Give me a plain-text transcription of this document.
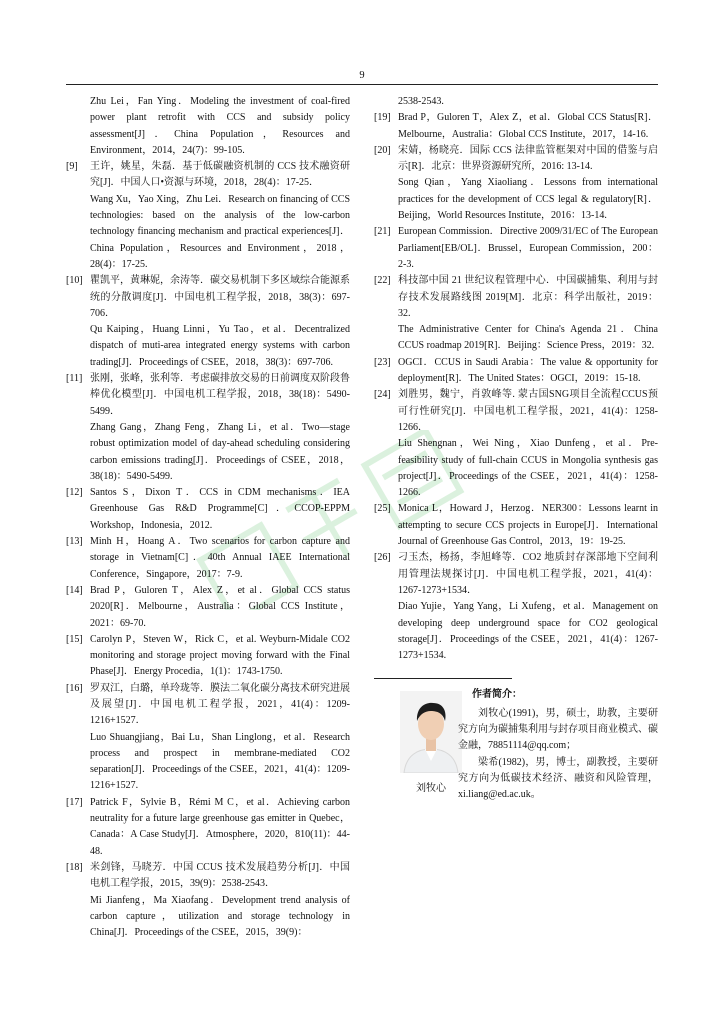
9

Zhu Lei，Fan Ying．Modeling the investment of coal-fired power plant retrofit with CCS and subsidy policy assessment[J]．China Population，Resources and Environment，2014，24(7)：99-105.

[9] 王许，姚星，朱磊．基于低碳融资机制的 CCS 技术融资研究[J]．中国人口•资源与环境，2018，28(4)：17-25．

Wang Xu，Yao Xing，Zhu Lei．Research on financing of CCS technologies: based on the analysis of the low-carbon technology financing mechanism and practical experiences[J]．China Population，Resources and Environment，2018，28(4)：17-25.

[10] 瞿凯平，黄琳妮，余涛等．碳交易机制下多区域综合能源系统的分散调度[J]．中国电机工程学报，2018，38(3)：697-706．

Qu Kaiping，Huang Linni，Yu Tao，et al．Decentralized dispatch of muti-area integrated energy systems with carbon trading[J]．Proceedings of CSEE，2018，38(3)：697-706.

[11] 张刚，张峰，张利等．考虑碳排放交易的日前调度双阶段鲁棒优化模型[J]．中国电机工程学报，2018，38(18)：5490-5499．

Zhang Gang，Zhang Feng，Zhang Li，et al．Two—stage robust optimization model of day-ahead scheduling considering carbon emissions trading[J]．Proceedings of CSEE，2018，38(18)：5490-5499.

[12] Santos S，Dixon T．CCS in CDM mechanisms．IEA Greenhouse Gas R&D Programme[C]．CCOP-EPPM Workshop，Indonesia，2012.

[13] Minh H，Hoang A．Two scenarios for carbon capture and storage in Vietnam[C]．40th Annual IAEE International Conference，Singapore，2017：7-9.

[14] Brad P，Guloren T，Alex Z，et al．Global CCS status 2020[R]．Melbourne，Australia：Global CCS Institute，2021：69-70.

[15] Carolyn P，Steven W，Rick C，et al. Weyburn-Midale CO2 monitoring and storage project moving forward with the Final Phase[J]．Energy Procedia，1(1)：1743-1750.

[16] 罗双江，白璐，单玲珑等．膜法二氧化碳分离技术研究进展及展望[J]．中国电机工程学报，2021，41(4)：1209-1216+1527．

Luo Shuangjiang，Bai Lu，Shan Linglong，et al．Research process and prospect in membrane-mediated CO2 separation[J]．Proceedings of the CSEE，2021，41(4)：1209-1216+1527.

[17] Patrick F，Sylvie B，Rémi M C，et al．Achieving carbon neutrality for a future large greenhouse gas emitter in Quebec，Canada：A Case Study[J]．Atmosphere，2020，810(11)：44-48.

[18] 米剑锋，马晓芳．中国 CCUS 技术发展趋势分析[J]．中国电机工程学报，2015，39(9)：2538-2543．

Mi Jianfeng，Ma Xiaofang．Development trend analysis of carbon capture，utilization and storage technology in China[J]．Proceedings of the CSEE，2015，39(9)：

2538-2543.

[19] Brad P，Guloren T，Alex Z，et al．Global CCS Status[R]．Melbourne，Australia：Global CCS Institute，2017，14-16.

[20] 宋婧，杨晓亮．国际 CCS 法律监管框架对中国的借鉴与启示[R]．北京：世界资源研究所，2016: 13-14.

Song Qian，Yang Xiaoliang．Lessons from international practices for the development of CCS legal & regulatory[R]．Beijing，World Resources Institute，2016：13-14.

[21] European Commission．Directive 2009/31/EC of The European Parliament[EB/OL]．Brussel，European Commission，200：2-3.

[22] 科技部中国 21 世纪议程管理中心．中国碳捕集、利用与封存技术发展路线图 2019[M]．北京：科学出版社，2019：32.

The Administrative Center for China's Agenda 21．China CCUS roadmap 2019[R]．Beijing：Science Press，2019：32.

[23] OGCI．CCUS in Saudi Arabia：The value & opportunity for deployment[R]．The United States：OGCI，2019：15-18.

[24] 刘胜男，魏宁，肖敦峰等. 蒙古国SNG项目全流程CCUS预可行性研究[J]．中国电机工程学报，2021，41(4)：1258-1266．

Liu Shengnan，Wei Ning，Xiao Dunfeng，et al．Pre-feasibility study of full-chain CCUS in Mongolia synthesis gas project[J]．Proceedings of the CSEE，2021，41(4)：1258-1266.

[25] Monica L，Howard J，Herzog．NER300：Lessons learnt in attempting to secure CCS projects in Europe[J]．International Journal of Greenhouse Gas Control，2013，19：19-25.

[26] 刁玉杰，杨扬，李旭峰等．CO2 地质封存深部地下空间利用管理法规探讨[J]．中国电机工程学报，2021，41(4)：1267-1273+1534．

Diao Yujie，Yang Yang，Li Xufeng，et al．Management on developing deep underground space for CO2 geological storage[J]．Proceedings of the CSEE，2021，41(4)：1267-1273+1534.

刘牧心
作者简介：

刘牧心(1991)，男，硕士，助教，主要研究方向为碳捕集利用与封存项目商业模式、碳金融，78851114@qq.com；

梁希(1982)，男，博士，副教授，主要研究方向为低碳技术经济、融资和风险管理，xi.liang@ed.ac.uk。
